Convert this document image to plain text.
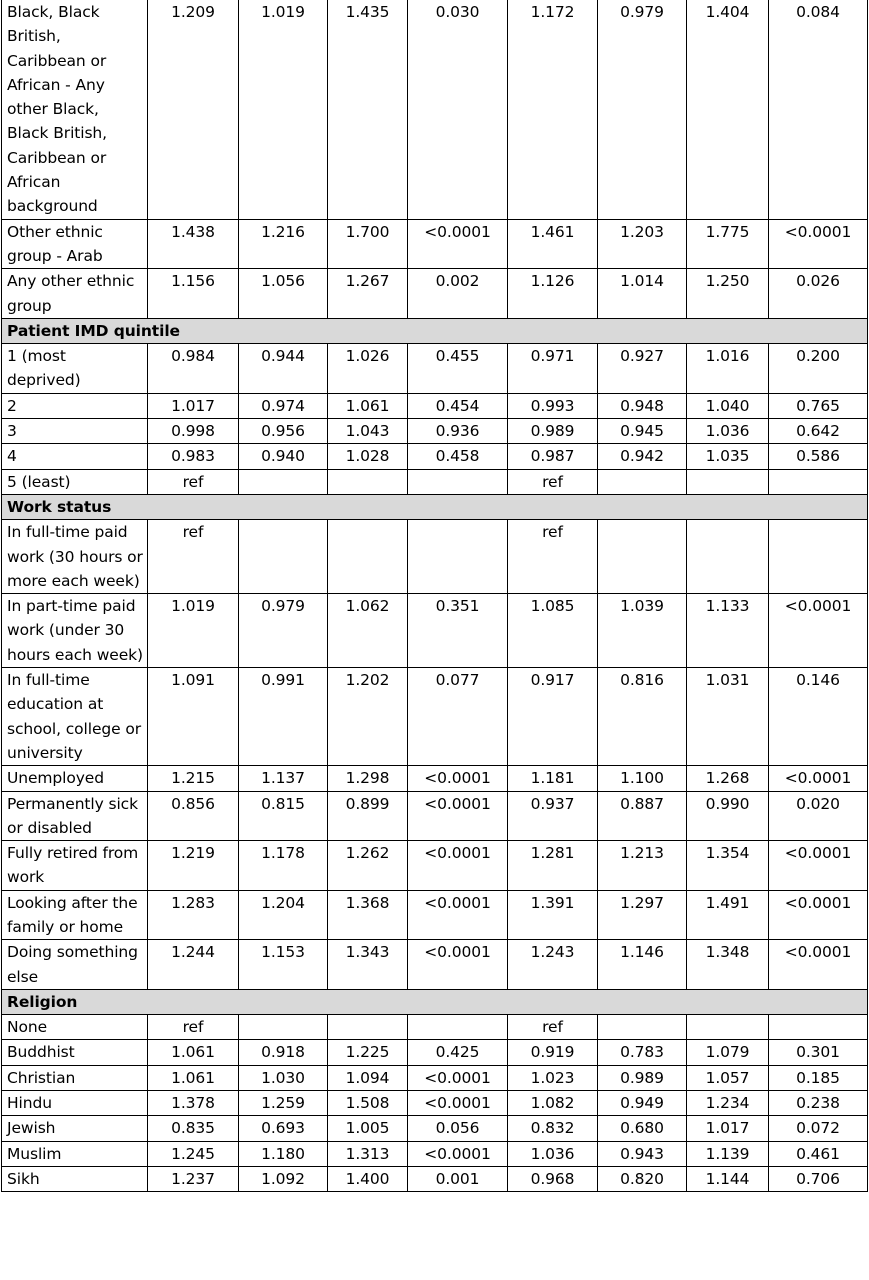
Black, Black British, Caribbean or African - Any other Black, Black British, Caribbean or African background	1.209	1.019	1.435	0.030	1.172	0.979	1.404	0.084
Other ethnic group - Arab	1.438	1.216	1.700	<0.0001	1.461	1.203	1.775	<0.0001
Any other ethnic group	1.156	1.056	1.267	0.002	1.126	1.014	1.250	0.026
Patient IMD quintile								
1 (most deprived)	0.984	0.944	1.026	0.455	0.971	0.927	1.016	0.200
2	1.017	0.974	1.061	0.454	0.993	0.948	1.040	0.765
3	0.998	0.956	1.043	0.936	0.989	0.945	1.036	0.642
4	0.983	0.940	1.028	0.458	0.987	0.942	1.035	0.586
5 (least)	ref				ref			
Work status								
In full-time paid work (30 hours or more each week)	ref				ref			
In part-time paid work (under 30 hours each week)	1.019	0.979	1.062	0.351	1.085	1.039	1.133	<0.0001
In full-time education at school, college or university	1.091	0.991	1.202	0.077	0.917	0.816	1.031	0.146
Unemployed	1.215	1.137	1.298	<0.0001	1.181	1.100	1.268	<0.0001
Permanently sick or disabled	0.856	0.815	0.899	<0.0001	0.937	0.887	0.990	0.020
Fully retired from work	1.219	1.178	1.262	<0.0001	1.281	1.213	1.354	<0.0001
Looking after the family or home	1.283	1.204	1.368	<0.0001	1.391	1.297	1.491	<0.0001
Doing something else	1.244	1.153	1.343	<0.0001	1.243	1.146	1.348	<0.0001
Religion								
None	ref				ref			
Buddhist	1.061	0.918	1.225	0.425	0.919	0.783	1.079	0.301
Christian	1.061	1.030	1.094	<0.0001	1.023	0.989	1.057	0.185
Hindu	1.378	1.259	1.508	<0.0001	1.082	0.949	1.234	0.238
Jewish	0.835	0.693	1.005	0.056	0.832	0.680	1.017	0.072
Muslim	1.245	1.180	1.313	<0.0001	1.036	0.943	1.139	0.461
Sikh	1.237	1.092	1.400	0.001	0.968	0.820	1.144	0.706
